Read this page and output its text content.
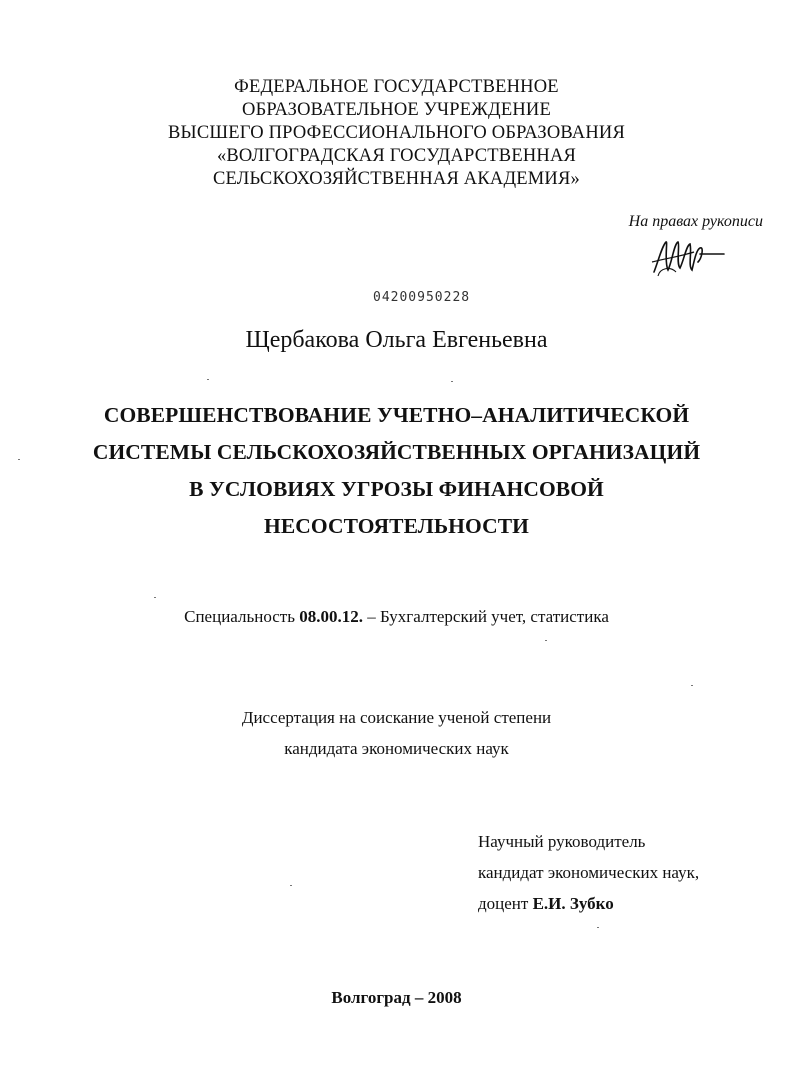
ФЕДЕРАЛЬНОЕ ГОСУДАРСТВЕННОЕ
ОБРАЗОВАТЕЛЬНОЕ УЧРЕЖДЕНИЕ
ВЫСШЕГО ПРОФЕССИОНАЛЬНОГО ОБРАЗОВАНИЯ
«ВОЛГОГРАДСКАЯ ГОСУДАРСТВЕННАЯ
СЕЛЬСКОХОЗЯЙСТВЕННАЯ АКАДЕМИЯ»
На правах рукописи
04200950228
Щербакова Ольга Евгеньевна
СОВЕРШЕНСТВОВАНИЕ УЧЕТНО–АНАЛИТИЧЕСКОЙ
СИСТЕМЫ СЕЛЬСКОХОЗЯЙСТВЕННЫХ ОРГАНИЗАЦИЙ
В УСЛОВИЯХ УГРОЗЫ ФИНАНСОВОЙ
НЕСОСТОЯТЕЛЬНОСТИ
Специальность 08.00.12. – Бухгалтерский учет, статистика
Диссертация на соискание ученой степени
кандидата экономических наук
Научный руководитель
кандидат экономических наук,
доцент Е.И. Зубко
Волгоград – 2008
